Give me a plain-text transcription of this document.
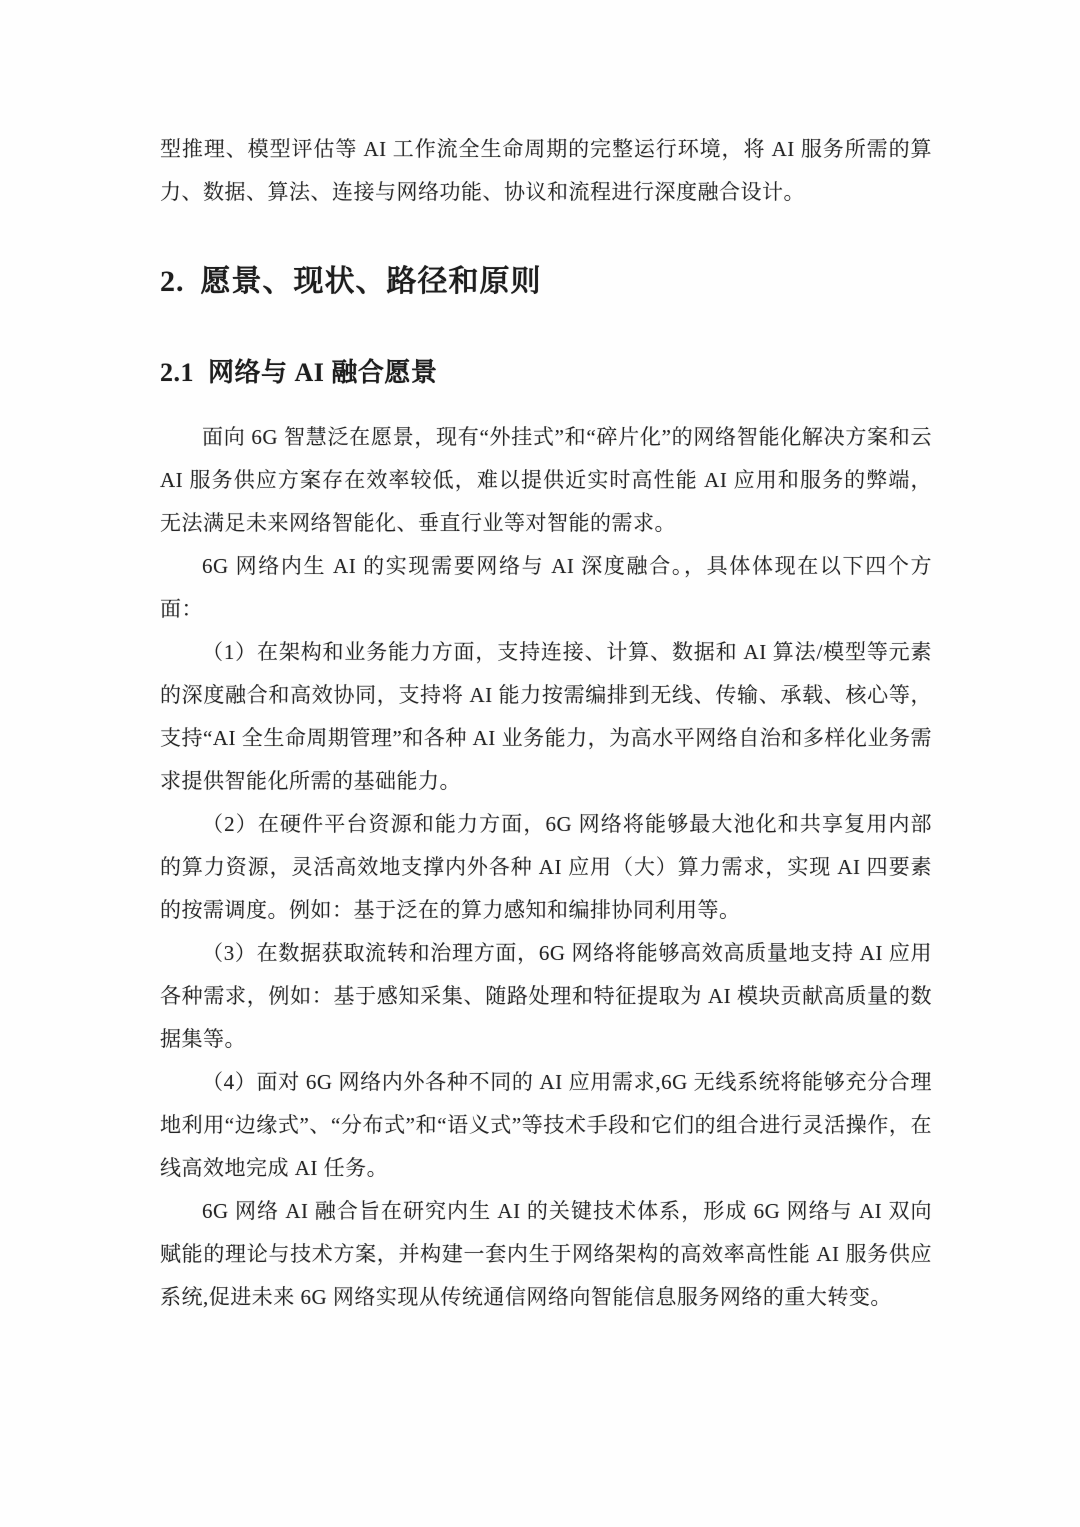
型推理、模型评估等 AI 工作流全生命周期的完整运行环境，将 AI 服务所需的算力、数据、算法、连接与网络功能、协议和流程进行深度融合设计。

2. 愿景、现状、路径和原则
2.1 网络与 AI 融合愿景

面向 6G 智慧泛在愿景，现有“外挂式”和“碎片化”的网络智能化解决方案和云 AI 服务供应方案存在效率较低，难以提供近实时高性能 AI 应用和服务的弊端，无法满足未来网络智能化、垂直行业等对智能的需求。

6G 网络内生 AI 的实现需要网络与 AI 深度融合。，具体体现在以下四个方面：

（1）在架构和业务能力方面，支持连接、计算、数据和 AI 算法/模型等元素的深度融合和高效协同，支持将 AI 能力按需编排到无线、传输、承载、核心等，支持“AI 全生命周期管理”和各种 AI 业务能力，为高水平网络自治和多样化业务需求提供智能化所需的基础能力。

（2）在硬件平台资源和能力方面，6G 网络将能够最大池化和共享复用内部的算力资源，灵活高效地支撑内外各种 AI 应用（大）算力需求，实现 AI 四要素的按需调度。例如：基于泛在的算力感知和编排协同利用等。

（3）在数据获取流转和治理方面，6G 网络将能够高效高质量地支持 AI 应用各种需求，例如：基于感知采集、随路处理和特征提取为 AI 模块贡献高质量的数据集等。

（4）面对 6G 网络内外各种不同的 AI 应用需求,6G 无线系统将能够充分合理地利用“边缘式”、“分布式”和“语义式”等技术手段和它们的组合进行灵活操作，在线高效地完成 AI 任务。

6G 网络 AI 融合旨在研究内生 AI 的关键技术体系，形成 6G 网络与 AI 双向赋能的理论与技术方案，并构建一套内生于网络架构的高效率高性能 AI 服务供应系统,促进未来 6G 网络实现从传统通信网络向智能信息服务网络的重大转变。
